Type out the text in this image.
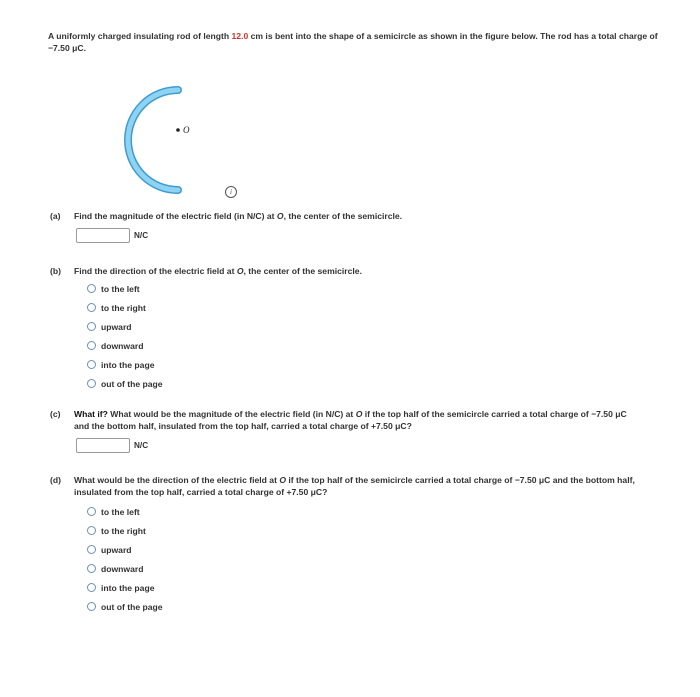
A uniformly charged insulating rod of length 12.0 cm is bent into the shape of a semicircle as shown in the figure below. The rod has a total charge of −7.50 μC.
O
i
(a) Find the magnitude of the electric field (in N/C) at O, the center of the semicircle.
N/C
(b) Find the direction of the electric field at O, the center of the semicircle.
to the left
to the right
upward
downward
into the page
out of the page
(c) What if? What would be the magnitude of the electric field (in N/C) at O if the top half of the semicircle carried a total charge of −7.50 μC and the bottom half, insulated from the top half, carried a total charge of +7.50 μC?
N/C
(d) What would be the direction of the electric field at O if the top half of the semicircle carried a total charge of −7.50 μC and the bottom half, insulated from the top half, carried a total charge of +7.50 μC?
to the left
to the right
upward
downward
into the page
out of the page
